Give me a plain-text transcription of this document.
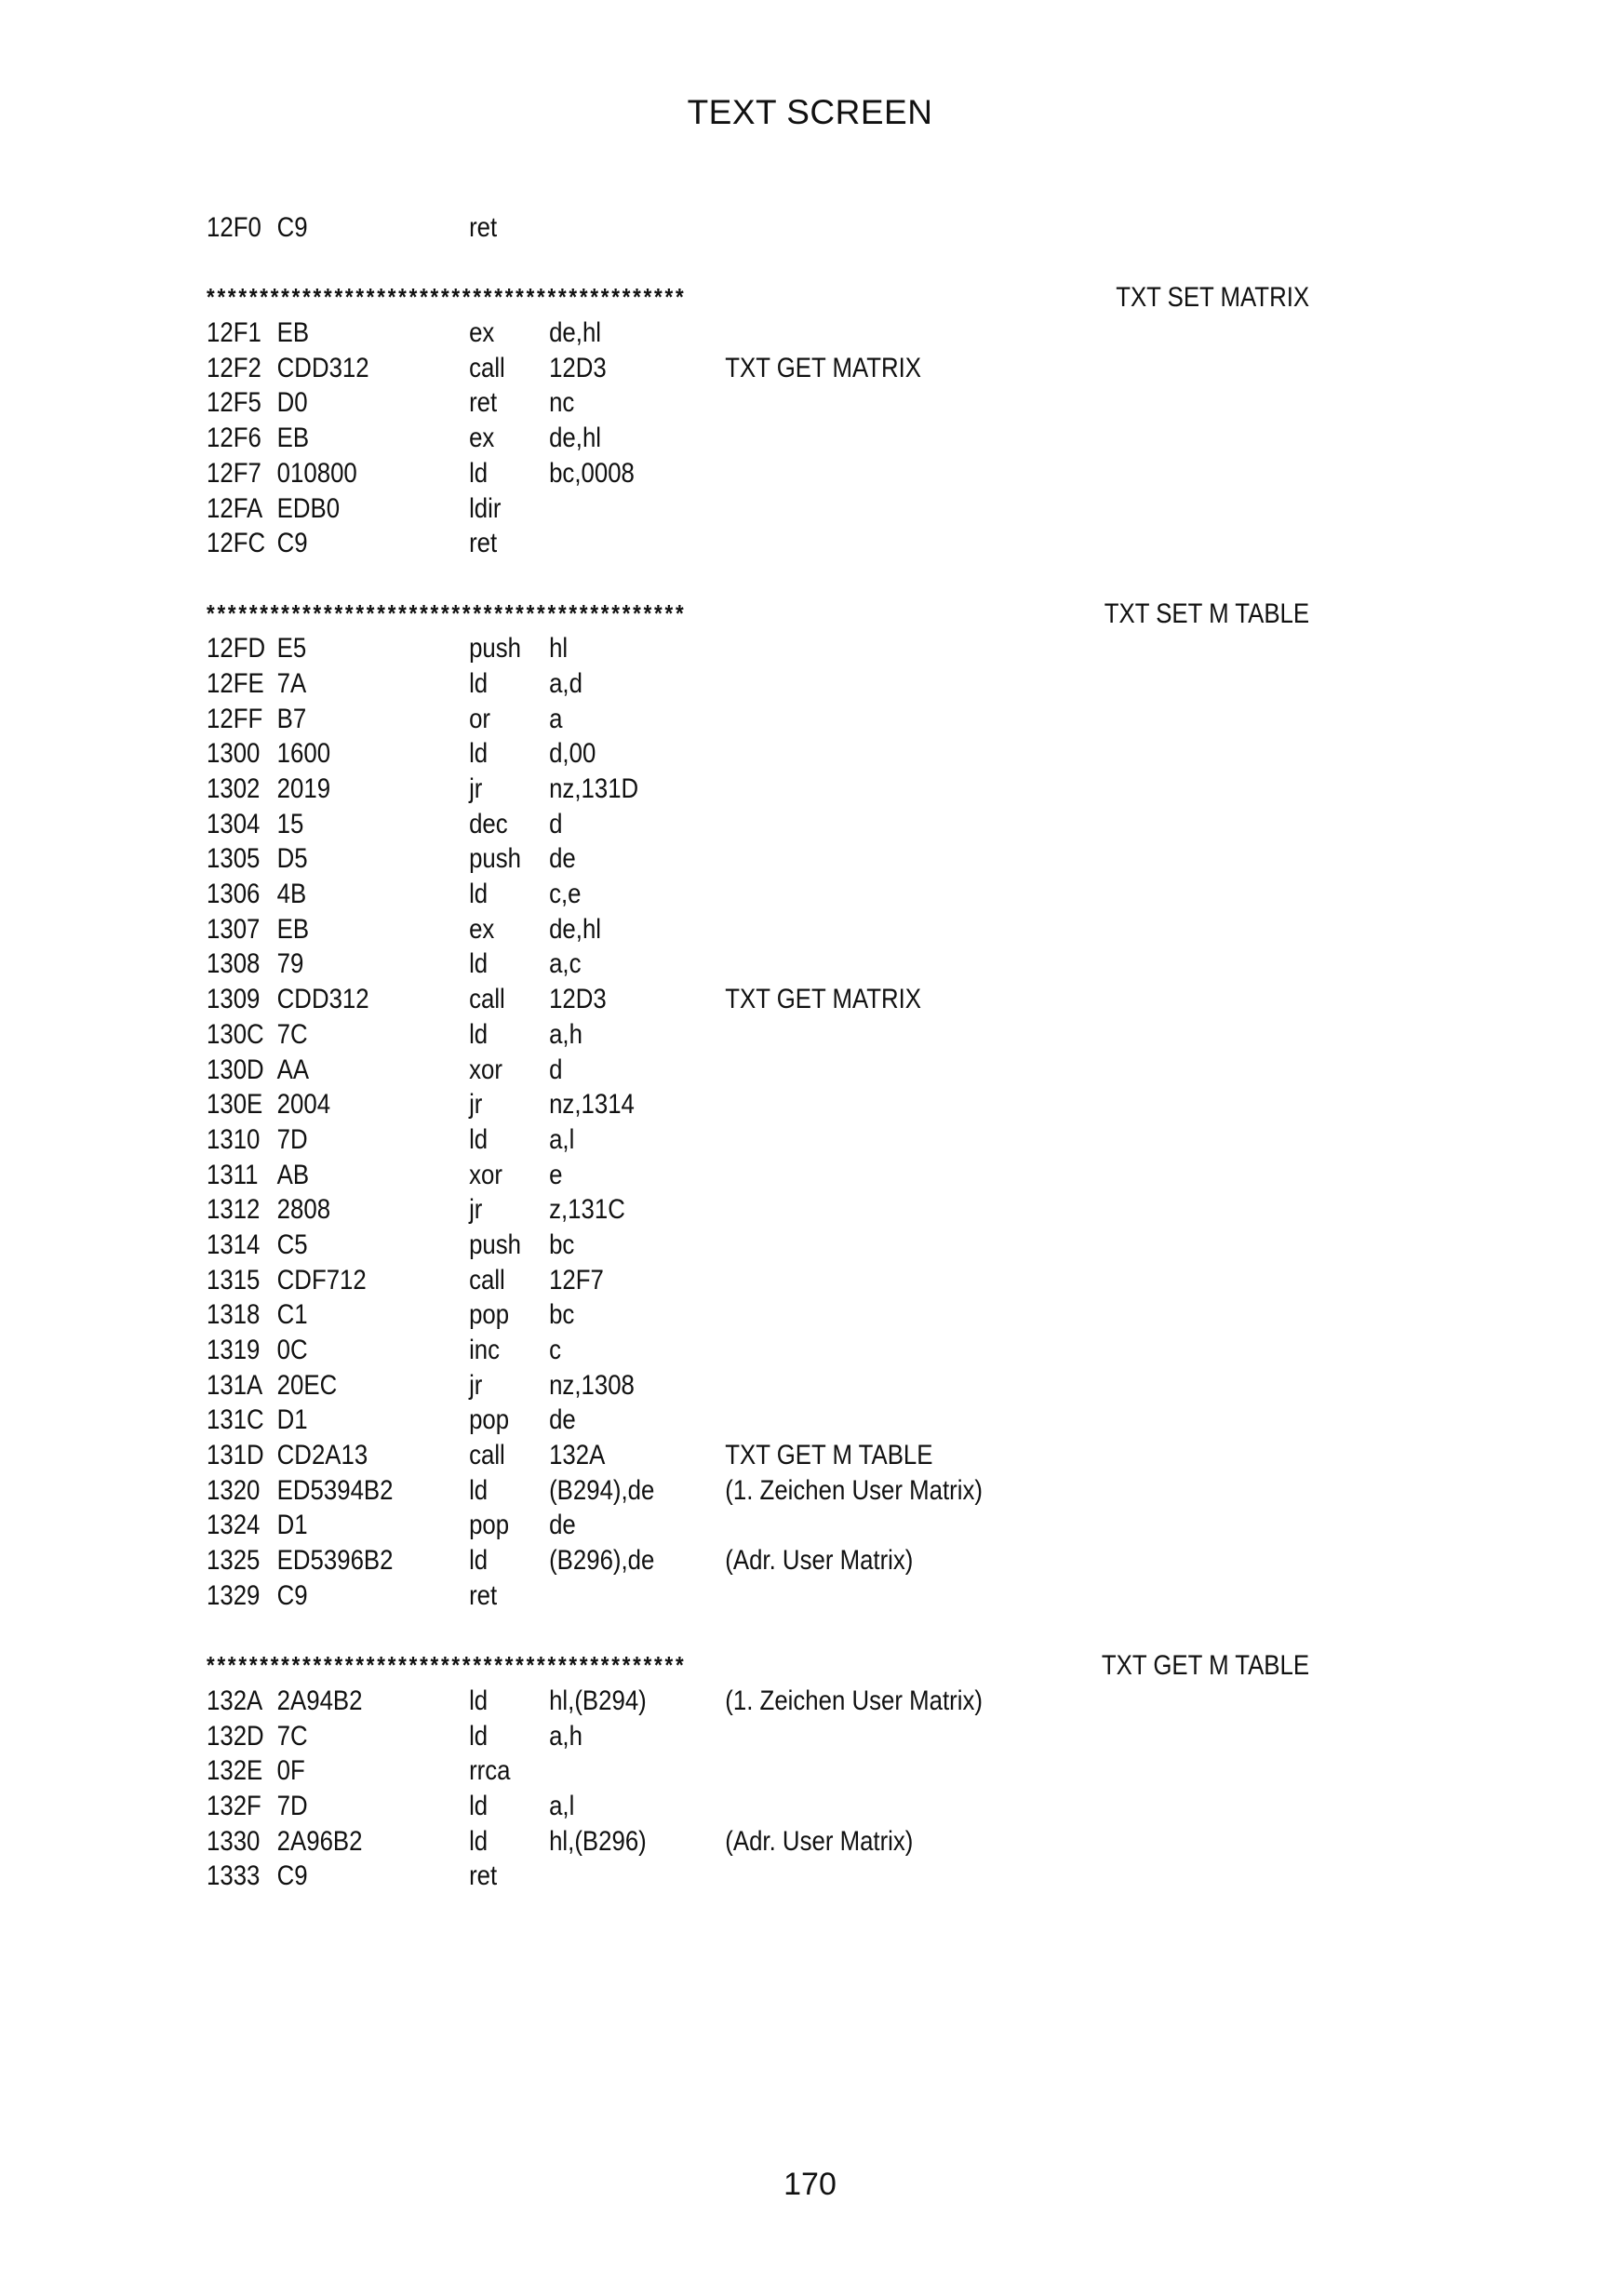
TEXT SCREEN
12F0 C9	ret
*********************************************	TXT SET MATRIX
12F1 EB	ex	de,hl
12F2 CDD312	call	12D3	TXT GET MATRIX
12F5 D0	ret	nc
12F6 EB	ex	de,hl
12F7 010800	ld	bc,0008
12FA EDB0	ldir
12FC C9	ret
*********************************************	TXT SET M TABLE
12FD E5	push	hl
12FE 7A	ld	a,d
12FF B7	or	a
1300 1600	ld	d,00
1302 2019	jr	nz,131D
1304 15	dec	d
1305 D5	push	de
1306 4B	ld	c,e
1307 EB	ex	de,hl
1308 79	ld	a,c
1309 CDD312	call	12D3	TXT GET MATRIX
130C 7C	ld	a,h
130D AA	xor	d
130E 2004	jr	nz,1314
1310 7D	ld	a,l
1311 AB	xor	e
1312 2808	jr	z,131C
1314 C5	push	bc
1315 CDF712	call	12F7
1318 C1	pop	bc
1319 0C	inc	c
131A 20EC	jr	nz,1308
131C D1	pop	de
131D CD2A13	call	132A	TXT GET M TABLE
1320 ED5394B2	ld	(B294),de	(1. Zeichen User Matrix)
1324 D1	pop	de
1325 ED5396B2	ld	(B296),de	(Adr. User Matrix)
1329 C9	ret
*********************************************	TXT GET M TABLE
132A 2A94B2	ld	hl,(B294)	(1. Zeichen User Matrix)
132D 7C	ld	a,h
132E 0F	rrca
132F 7D	ld	a,l
1330 2A96B2	ld	hl,(B296)	(Adr. User Matrix)
1333 C9	ret
170
